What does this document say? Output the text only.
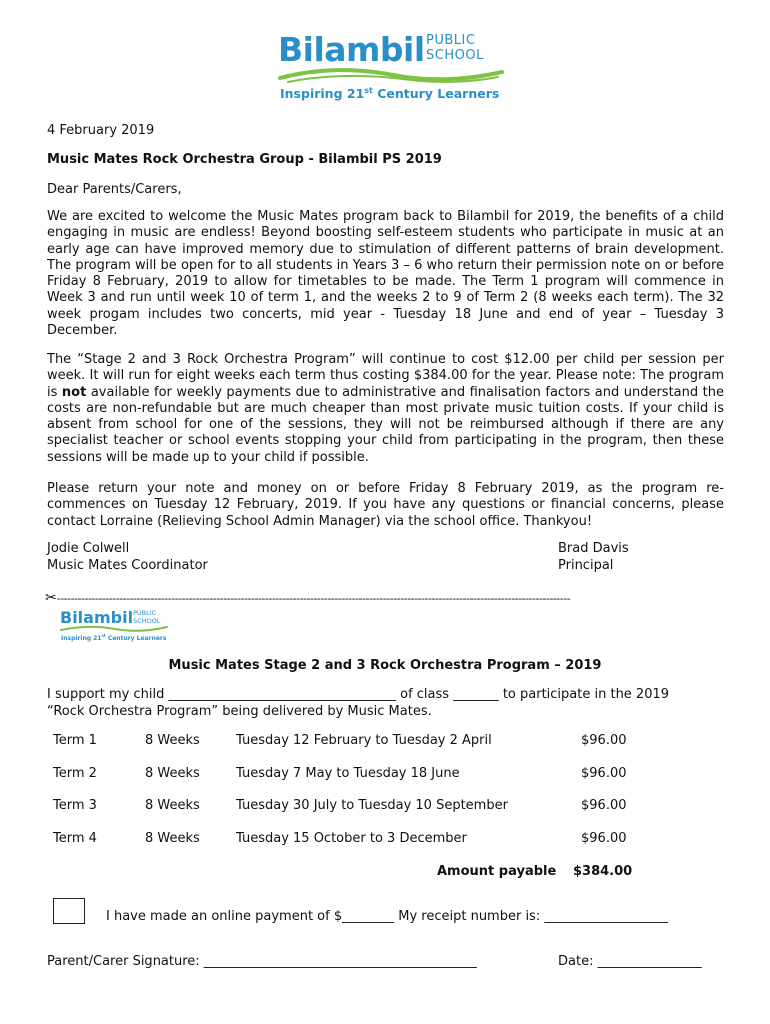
Bilambil PUBLIC
SCHOOL
Inspiring 21st Century Learners
4 February 2019
Music Mates Rock Orchestra Group - Bilambil PS 2019
Dear Parents/Carers,

We are excited to welcome the Music Mates program back to Bilambil for 2019, the benefits of a child engaging in music are endless! Beyond boosting self-esteem students who participate in music at an early age can have improved memory due to stimulation of different patterns of brain development. The program will be open for to all students in Years 3 – 6 who return their permission note on or before Friday 8 February, 2019 to allow for timetables to be made. The Term 1 program will commence in Week 3 and run until week 10 of term 1, and the weeks 2 to 9 of Term 2 (8 weeks each term). The 32 week progam includes two concerts, mid year - Tuesday 18 June and end of year – Tuesday 3 December.

The “Stage 2 and 3 Rock Orchestra Program” will continue to cost $12.00 per child per session per week. It will run for eight weeks each term thus costing $384.00 for the year. Please note: The program is not available for weekly payments due to administrative and finalisation factors and understand the costs are non-refundable but are much cheaper than most private music tuition costs. If your child is absent from school for one of the sessions, they will not be reimbursed although if there are any specialist teacher or school events stopping your child from participating in the program, then these sessions will be made up to your child if possible.

Please return your note and money on or before Friday 8 February 2019, as the program re-commences on Tuesday 12 February, 2019. If you have any questions or financial concerns, please contact Lorraine (Relieving School Admin Manager) via the school office. Thankyou!

Jodie Colwell
Music Mates Coordinator
Brad Davis
Principal
✂----------------------------------------------------------------------------------------------------------------------------------------------------
Bilambil PUBLIC
SCHOOL
Inspiring 21st Century Learners
Music Mates Stage 2 and 3 Rock Orchestra Program – 2019
I support my child ___________________________________ of class _______ to participate in the 2019
“Rock Orchestra Program” being delivered by Music Mates.
Term 1	8 Weeks	Tuesday 12 February to Tuesday 2 April	$96.00
Term 2	8 Weeks	Tuesday 7 May to Tuesday 18 June	$96.00
Term 3	8 Weeks	Tuesday 30 July to Tuesday 10 September	$96.00
Term 4	8 Weeks	Tuesday 15 October to 3 December	$96.00
Amount payable $384.00
I have made an online payment of $________ My receipt number is: ___________________
Parent/Carer Signature: __________________________________________	Date: ________________
